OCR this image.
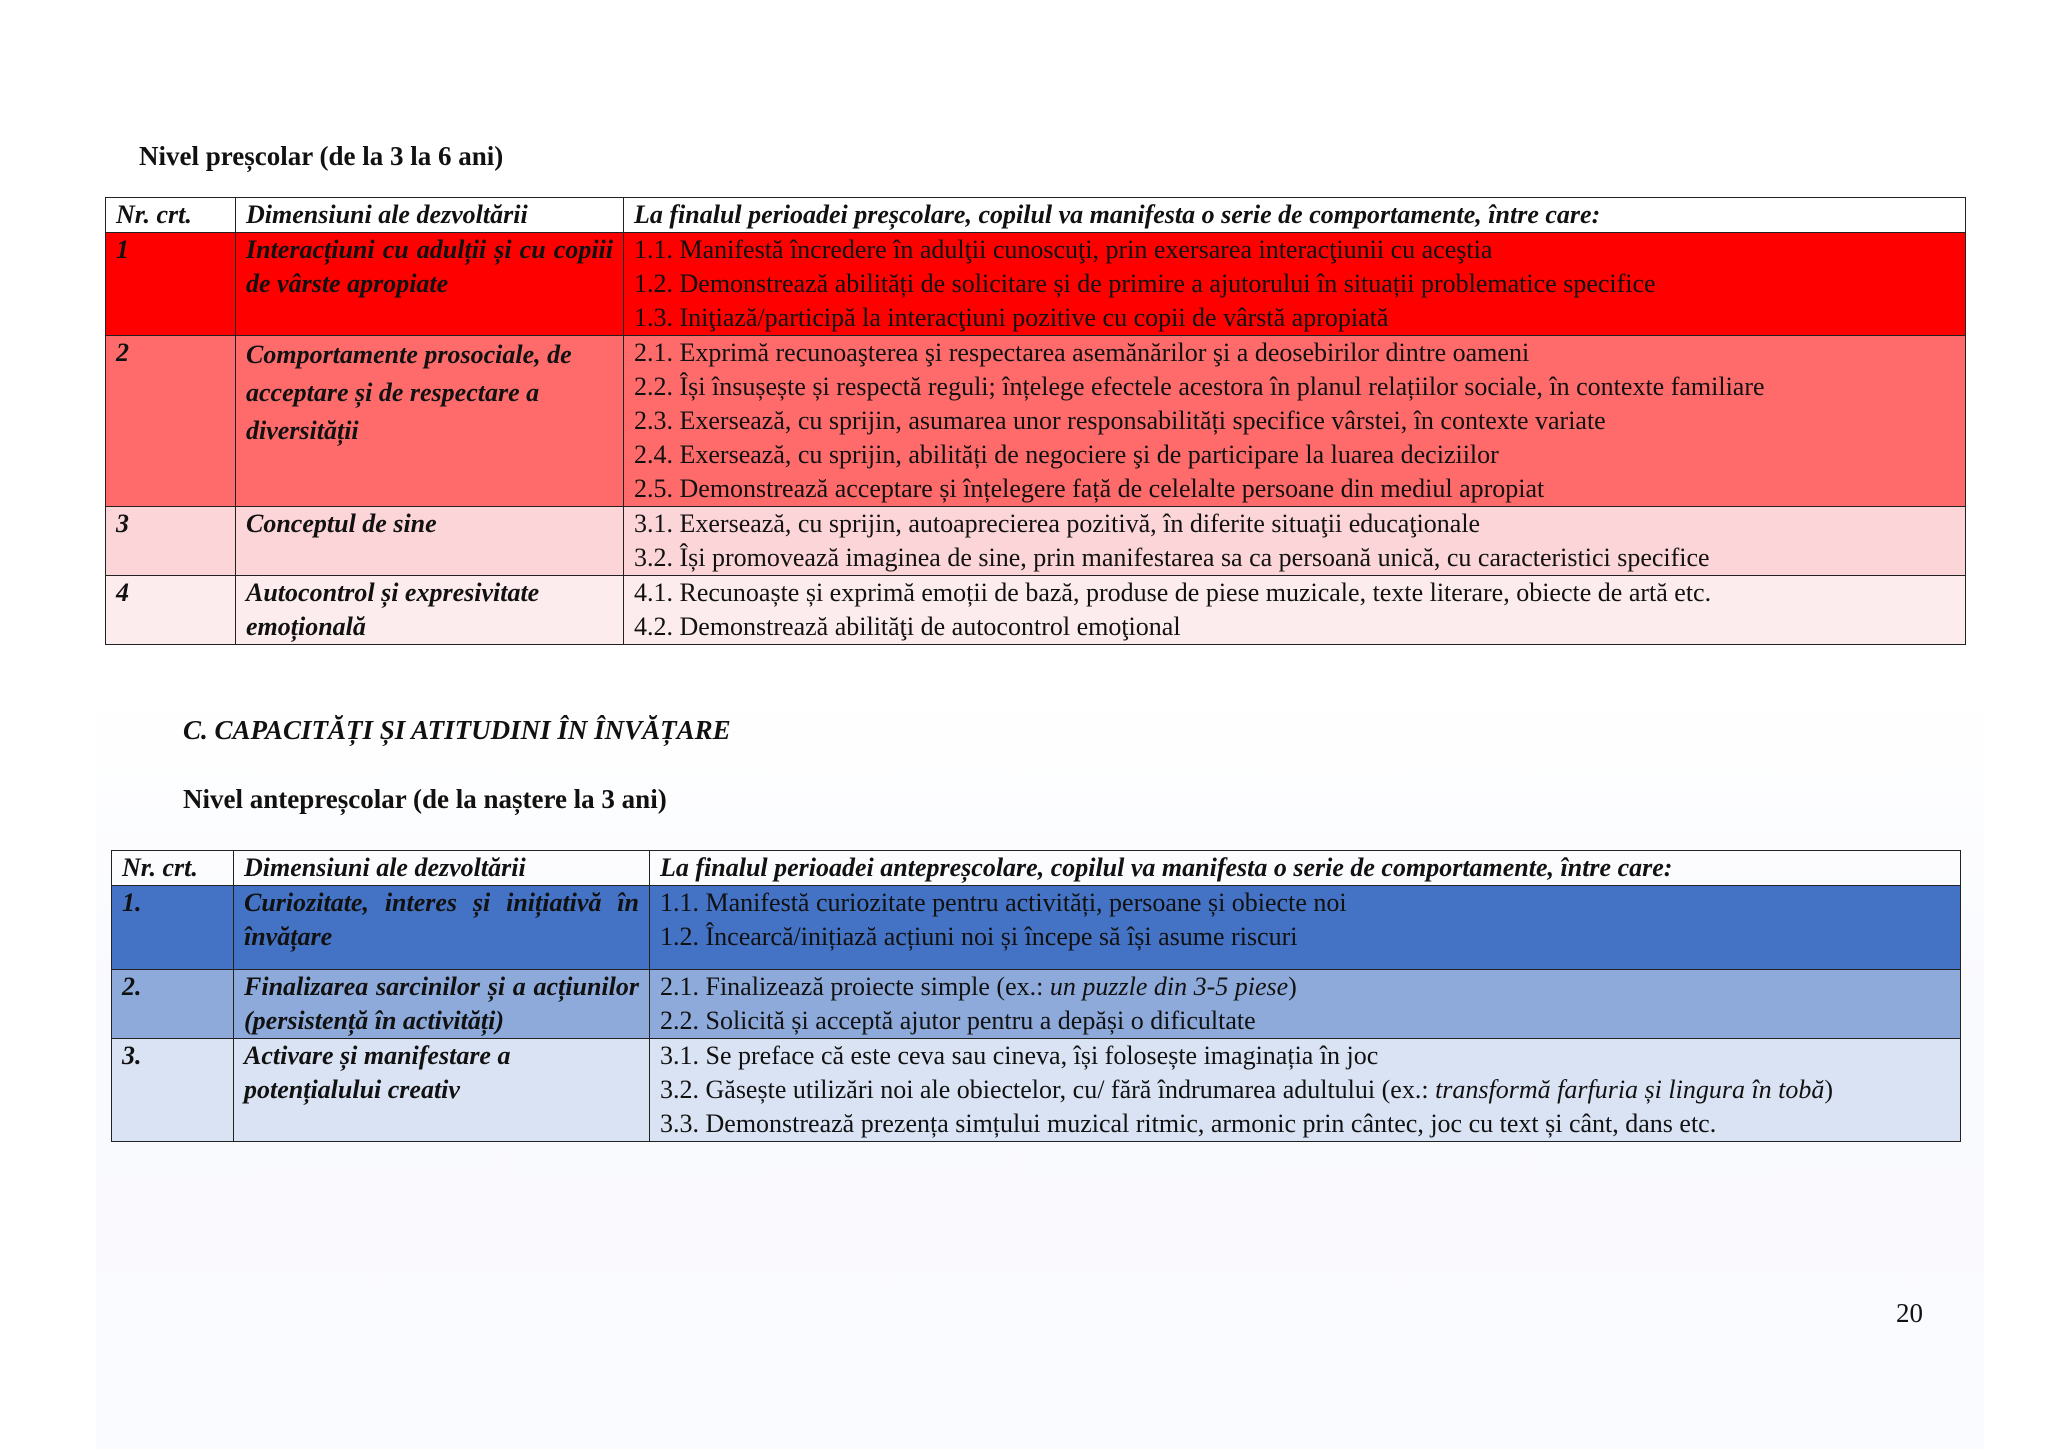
Nivel preșcolar (de la 3 la 6 ani)
Nr. crt.	Dimensiuni ale dezvoltării	La finalul perioadei preșcolare, copilul va manifesta o serie de comportamente, între care:
1	Interacțiuni cu adulții și cu copiii de vârste apropiate	1.1. Manifestă încredere în adulţii cunoscuţi, prin exersarea interacţiunii cu aceştia
1.2. Demonstrează abilități de solicitare și de primire a ajutorului în situații problematice specifice
1.3. Iniţiază/participă la interacţiuni pozitive cu copii de vârstă apropiată

2	Comportamente prosociale, de acceptare și de respectare a diversității	2.1. Exprimă recunoaşterea şi respectarea asemănărilor şi a deosebirilor dintre oameni
2.2. Își însușește și respectă reguli; înțelege efectele acestora în planul relațiilor sociale, în contexte familiare
2.3. Exersează, cu sprijin, asumarea unor responsabilități specifice vârstei, în contexte variate
2.4. Exersează, cu sprijin, abilități de negociere şi de participare la luarea deciziilor
2.5. Demonstrează acceptare și înțelegere față de celelalte persoane din mediul apropiat

3	Conceptul de sine	3.1. Exersează, cu sprijin, autoaprecierea pozitivă, în diferite situaţii educaţionale
3.2. Își promovează imaginea de sine, prin manifestarea sa ca persoană unică, cu caracteristici specifice

4	Autocontrol și expresivitate emoțională	4.1. Recunoaște și exprimă emoții de bază, produse de piese muzicale, texte literare, obiecte de artă etc.
4.2. Demonstrează abilităţi de autocontrol emoţional
C. CAPACITĂȚI ȘI ATITUDINI ÎN ÎNVĂȚARE
Nivel antepreșcolar (de la naștere la 3 ani)
Nr. crt.	Dimensiuni ale dezvoltării	La finalul perioadei antepreșcolare, copilul va manifesta o serie de comportamente, între care:
1.	Curiozitate, interes și inițiativă în învățare	1.1. Manifestă curiozitate pentru activități, persoane și obiecte noi
1.2. Încearcă/inițiază acțiuni noi și începe să își asume riscuri

2.	Finalizarea sarcinilor și a acțiunilor (persistență în activități)	2.1. Finalizează proiecte simple (ex.: un puzzle din 3-5 piese)
2.2. Solicită și acceptă ajutor pentru a depăși o dificultate

3.	Activare și manifestare a potențialului creativ	3.1. Se preface că este ceva sau cineva, își folosește imaginația în joc
3.2. Găsește utilizări noi ale obiectelor, cu/ fără îndrumarea adultului (ex.: transformă farfuria și lingura în tobă)
3.3. Demonstrează prezența simțului muzical ritmic, armonic prin cântec, joc cu text și cânt, dans etc.
20
